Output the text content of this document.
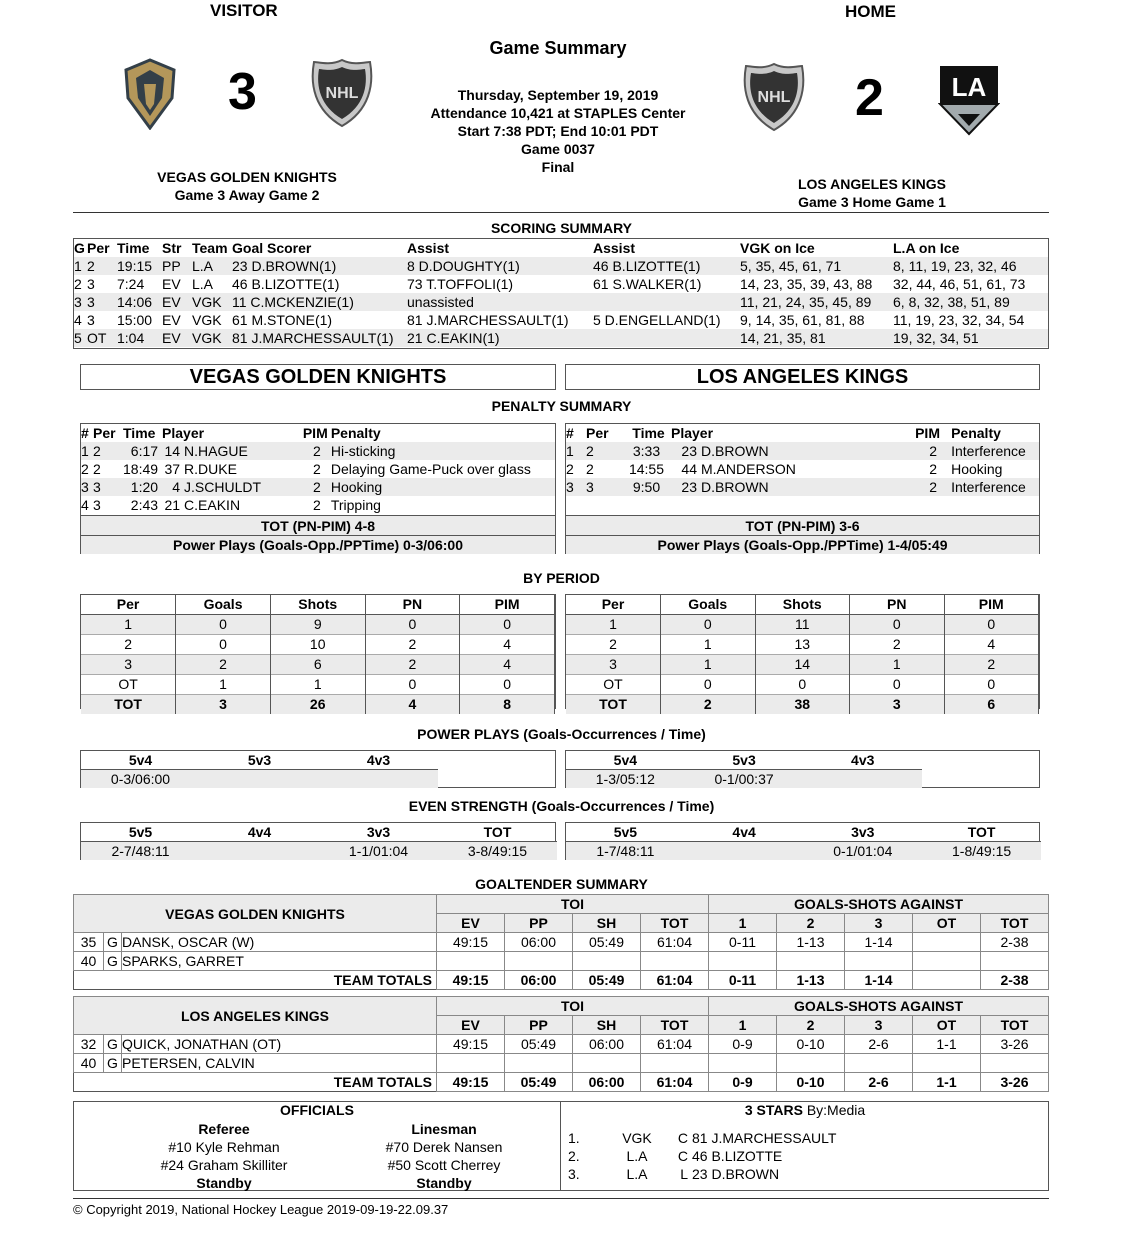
VISITOR	HOME
Game Summary
3	NHL	Thursday, September 19, 2019
Attendance 10,421 at STAPLES Center
Start 7:38 PDT; End 10:01 PDT
Game 0037
Final
NHL 2	LA
VEGAS GOLDEN KNIGHTS
Game 3 Away Game 2
LOS ANGELES KINGS
Game 3 Home Game 1
SCORING SUMMARY
G	Per	Time	Str	Team	Goal Scorer	Assist	Assist	VGK on Ice	L.A on Ice
1	2	19:15	PP	L.A	23 D.BROWN(1)	8 D.DOUGHTY(1)	46 B.LIZOTTE(1)	5, 35, 45, 61, 71	8, 11, 19, 23, 32, 46
2	3	7:24	EV	L.A	46 B.LIZOTTE(1)	73 T.TOFFOLI(1)	61 S.WALKER(1)	14, 23, 35, 39, 43, 88	32, 44, 46, 51, 61, 73
3	3	14:06	EV	VGK	11 C.MCKENZIE(1)	unassisted		11, 21, 24, 35, 45, 89	6, 8, 32, 38, 51, 89
4	3	15:00	EV	VGK	61 M.STONE(1)	81 J.MARCHESSAULT(1)	5 D.ENGELLAND(1)	9, 14, 35, 61, 81, 88	11, 19, 23, 32, 34, 54
5	OT	1:04	EV	VGK	81 J.MARCHESSAULT(1)	21 C.EAKIN(1)		14, 21, 35, 81	19, 32, 34, 51
VEGAS GOLDEN KNIGHTS	LOS ANGELES KINGS
PENALTY SUMMARY
#	Per	Time	Player		PIM	Penalty
1	2	6:17	14	N.HAGUE	2	Hi-sticking
2	2	18:49	37	R.DUKE	2	Delaying Game-Puck over glass
3	3	1:20	4	J.SCHULDT	2	Hooking
4	3	2:43	21	C.EAKIN	2	Tripping
TOT (PN-PIM) 4-8
Power Plays (Goals-Opp./PPTime) 0-3/06:00
#	Per	Time	Player		PIM	Penalty
1	2	3:33	23	D.BROWN	2	Interference
2	2	14:55	44	M.ANDERSON	2	Hooking
3	3	9:50	23	D.BROWN	2	Interference
TOT (PN-PIM) 3-6
Power Plays (Goals-Opp./PPTime) 1-4/05:49
BY PERIOD
Per	Goals	Shots	PN	PIM
1	0	9	0	0
2	0	10	2	4
3	2	6	2	4
OT	1	1	0	0
TOT	3	26	4	8
Per	Goals	Shots	PN	PIM
1	0	11	0	0
2	1	13	2	4
3	1	14	1	2
OT	0	0	0	0
TOT	2	38	3	6
POWER PLAYS (Goals-Occurrences / Time)
5v4	5v3	4v3
0-3/06:00		
5v4	5v3	4v3
1-3/05:12	0-1/00:37	
EVEN STRENGTH (Goals-Occurrences / Time)
5v5	4v4	3v3	TOT
2-7/48:11		1-1/01:04	3-8/49:15
5v5	4v4	3v3	TOT
1-7/48:11		0-1/01:04	1-8/49:15
GOALTENDER SUMMARY
VEGAS GOLDEN KNIGHTS			TOI				GOALS-SHOTS AGAINST				
			EV	PP	SH	TOT	1	2	3	OT	TOT
35	G	DANSK, OSCAR (W)	49:15	06:00	05:49	61:04	0-11	1-13	1-14		2-38
40	G	SPARKS, GARRET									
TEAM TOTALS			49:15	06:00	05:49	61:04	0-11	1-13	1-14		2-38
LOS ANGELES KINGS			TOI				GOALS-SHOTS AGAINST				
			EV	PP	SH	TOT	1	2	3	OT	TOT
32	G	QUICK, JONATHAN (OT)	49:15	05:49	06:00	61:04	0-9	0-10	2-6	1-1	3-26
40	G	PETERSEN, CALVIN									
TEAM TOTALS			49:15	05:49	06:00	61:04	0-9	0-10	2-6	1-1	3-26
OFFICIALS
Referee
#10 Kyle Rehman
#24 Graham Skilliter
Standby
Linesman
#70 Derek Nansen
#50 Scott Cherrey
Standby
3 STARS By:Media
1.	VGK	C	81 J.MARCHESSAULT
2.	L.A	C	46 B.LIZOTTE
3.	L.A	L	23 D.BROWN
© Copyright 2019, National Hockey League 2019-09-19-22.09.37
